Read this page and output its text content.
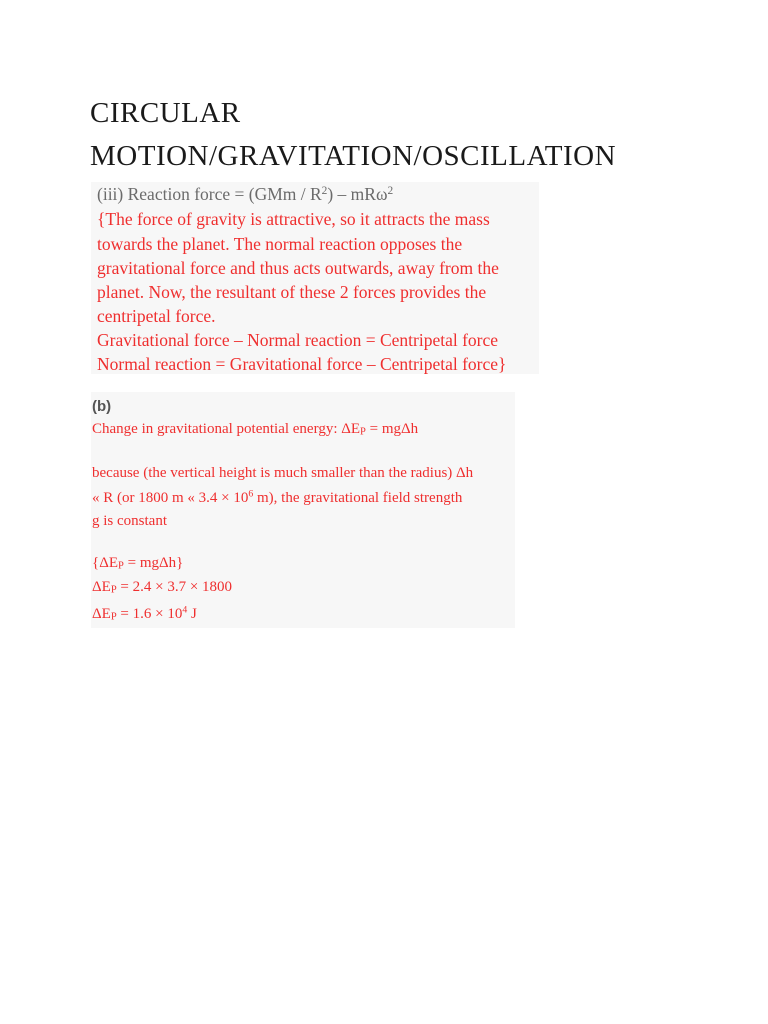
CIRCULAR
MOTION/GRAVITATION/OSCILLATION
(iii) Reaction force = $(GMm / R^2) - mR\omega^2$
{The force of gravity is attractive, so it attracts the mass
towards the planet. The normal reaction opposes the
gravitational force and thus acts outwards, away from the
planet. Now, the resultant of these 2 forces provides the
centripetal force.
Gravitational force – Normal reaction = Centripetal force
Normal reaction = Gravitational force – Centripetal force}
(b)
Change in gravitational potential energy: $\Delta E_P = mg\Delta h$
because (the vertical height is much smaller than the radius) Δh
« R (or 1800 m « $3.4 \times 10^6$ m), the gravitational field strength
g is constant
$\{\Delta E_P = mg\Delta h\}$
$\Delta E_P = 2.4 \times 3.7 \times 1800$
$\Delta E_P = 1.6 \times 10^4$ J
